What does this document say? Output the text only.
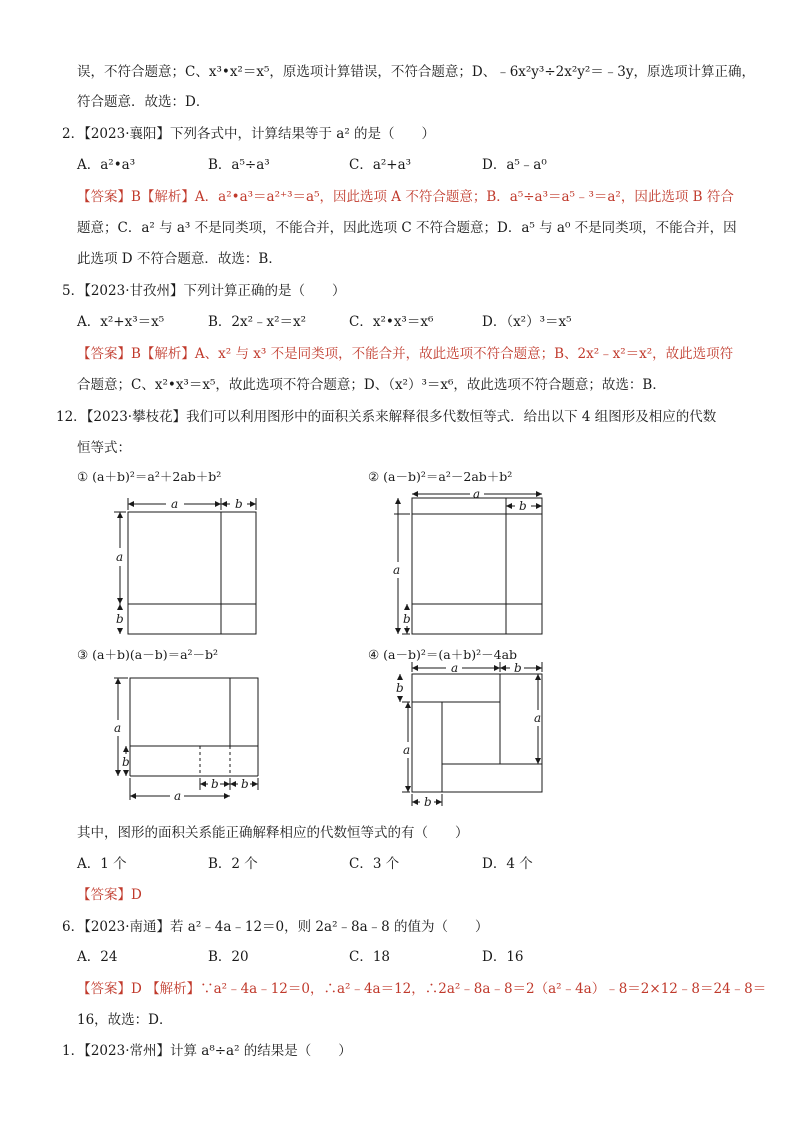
误，不符合题意；C、x³•x²＝x⁵，原选项计算错误，不符合题意；D、﹣6x²y³÷2x²y²＝﹣3y，原选项计算正确，
符合题意．故选：D．
2．【2023·襄阳】下列各式中，计算结果等于 a² 的是（　　）
A．a²•a³	B．a⁵÷a³	C．a²+a³	D．a⁵﹣a⁰
【答案】B【解析】A．a²•a³＝a²⁺³＝a⁵，因此选项 A 不符合题意；B．a⁵÷a³＝a⁵﹣³＝a²，因此选项 B 符合
题意；C．a² 与 a³ 不是同类项，不能合并，因此选项 C 不符合题意；D．a⁵ 与 a⁰ 不是同类项，不能合并，因
此选项 D 不符合题意．故选：B．
5．【2023·甘孜州】下列计算正确的是（　　）
A．x²+x³＝x⁵	B．2x²﹣x²＝x²	C．x²•x³＝x⁶	D．（x²）³＝x⁵
【答案】B【解析】A、x² 与 x³ 不是同类项，不能合并，故此选项不符合题意；B、2x²﹣x²＝x²，故此选项符
合题意；C、x²•x³＝x⁵，故此选项不符合题意；D、（x²）³＝x⁶，故此选项不符合题意；故选：B．
12．【2023·攀枝花】我们可以利用图形中的面积关系来解释很多代数恒等式．给出以下 4 组图形及相应的代数
恒等式：
① (a＋b)²＝a²＋2ab＋b²	② (a－b)²＝a²－2ab＋b²
a	b
a
b
a
b
a
b
③ (a＋b)(a－b)＝a²－b²	④ (a－b)²＝(a＋b)²－4ab
a
b
a
b b
a	b
b
a
a
b
其中，图形的面积关系能正确解释相应的代数恒等式的有（　　）
A．1 个	B．2 个	C．3 个	D．4 个
【答案】D
6．【2023·南通】若 a²﹣4a﹣12＝0，则 2a²﹣8a﹣8 的值为（　　）
A．24	B．20	C．18	D．16
【答案】D 【解析】∵a²﹣4a﹣12＝0，∴a²﹣4a＝12，∴2a²﹣8a﹣8＝2（a²﹣4a）﹣8＝2×12﹣8＝24﹣8＝
16，故选：D．
1．【2023·常州】计算 a⁸÷a² 的结果是（　　）
